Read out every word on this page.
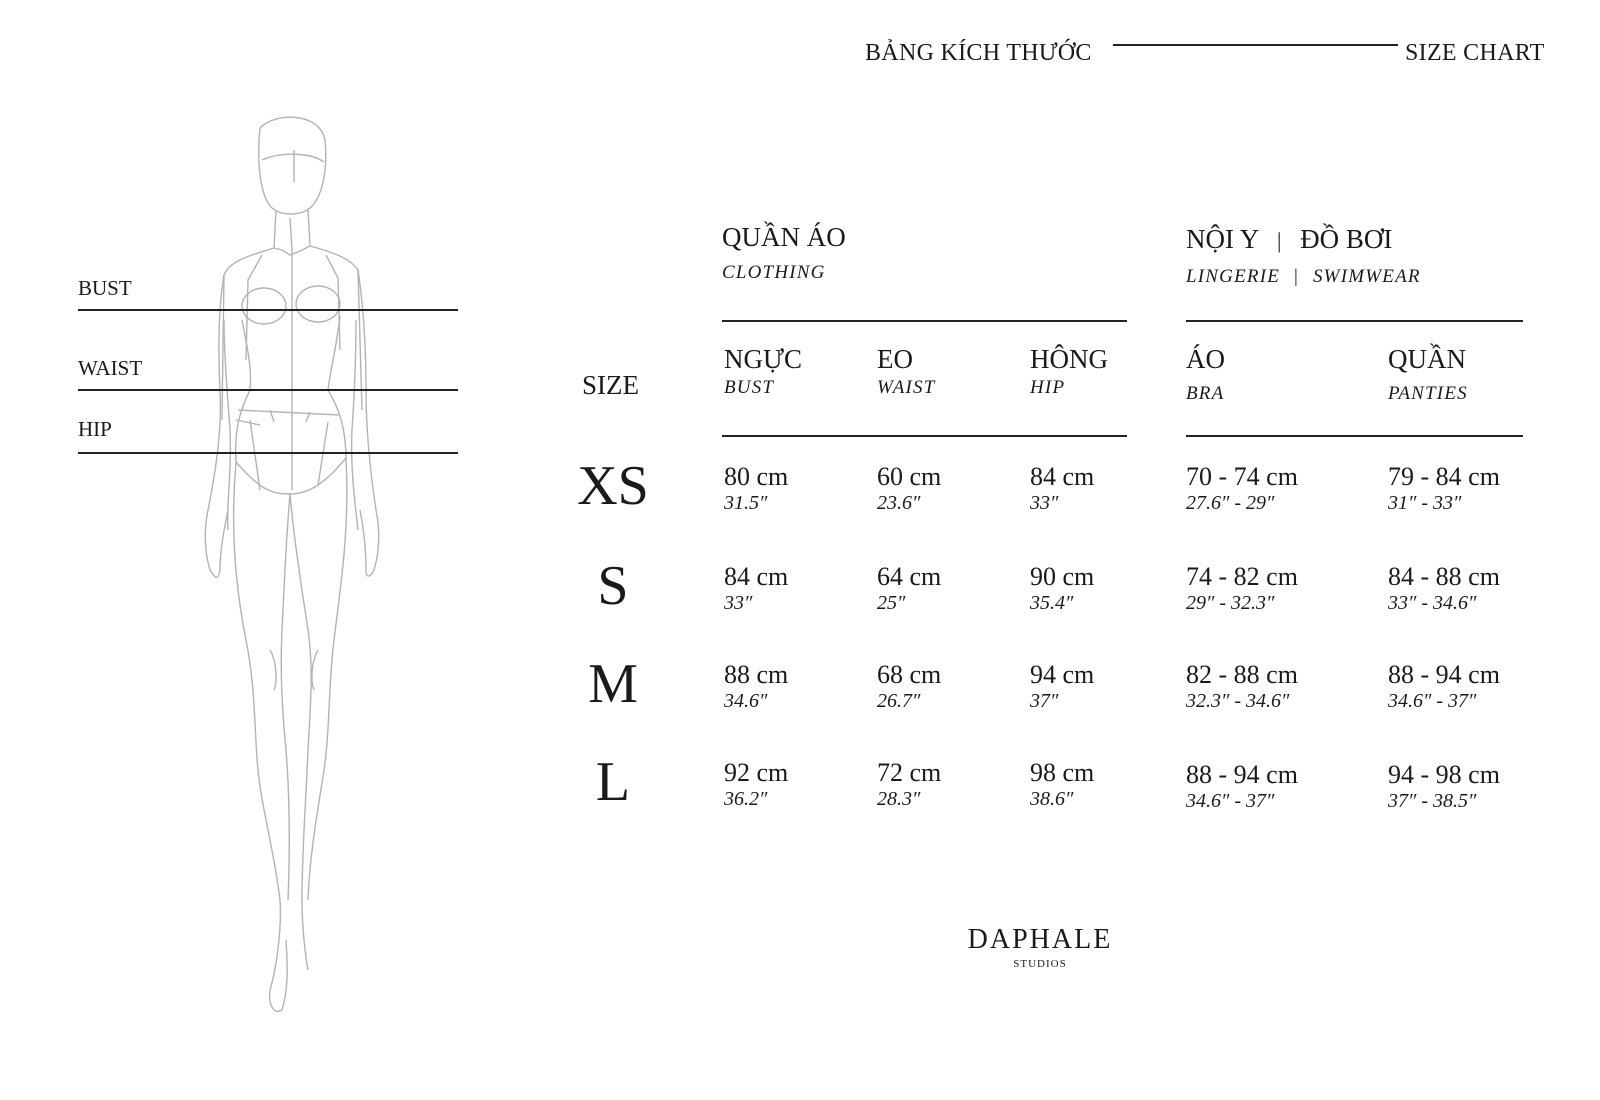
BẢNG KÍCH THƯỚC	SIZE CHART
BUST
WAIST
HIP
SIZE
XS
S
M
L
QUẦN ÁO
CLOTHING
NGỰC
BUST
EO
WAIST
HÔNG
HIP
NỘI Y | ĐỒ BƠI
LINGERIE | SWIMWEAR
ÁO
BRA
QUẦN
PANTIES
80 cm
31.5″
60 cm
23.6″
84 cm
33″
84 cm
33″
64 cm
25″
90 cm
35.4″
88 cm
34.6″
68 cm
26.7″
94 cm
37″
92 cm
36.2″
72 cm
28.3″
98 cm
38.6″
70 - 74 cm
27.6″ - 29″
79 - 84 cm
31″ - 33″
74 - 82 cm
29″ - 32.3″
84 - 88 cm
33″ - 34.6″
82 - 88 cm
32.3″ - 34.6″
88 - 94 cm
34.6″ - 37″
88 - 94 cm
34.6″ - 37″
94 - 98 cm
37″ - 38.5″
DAPHALE
STUDIOS
